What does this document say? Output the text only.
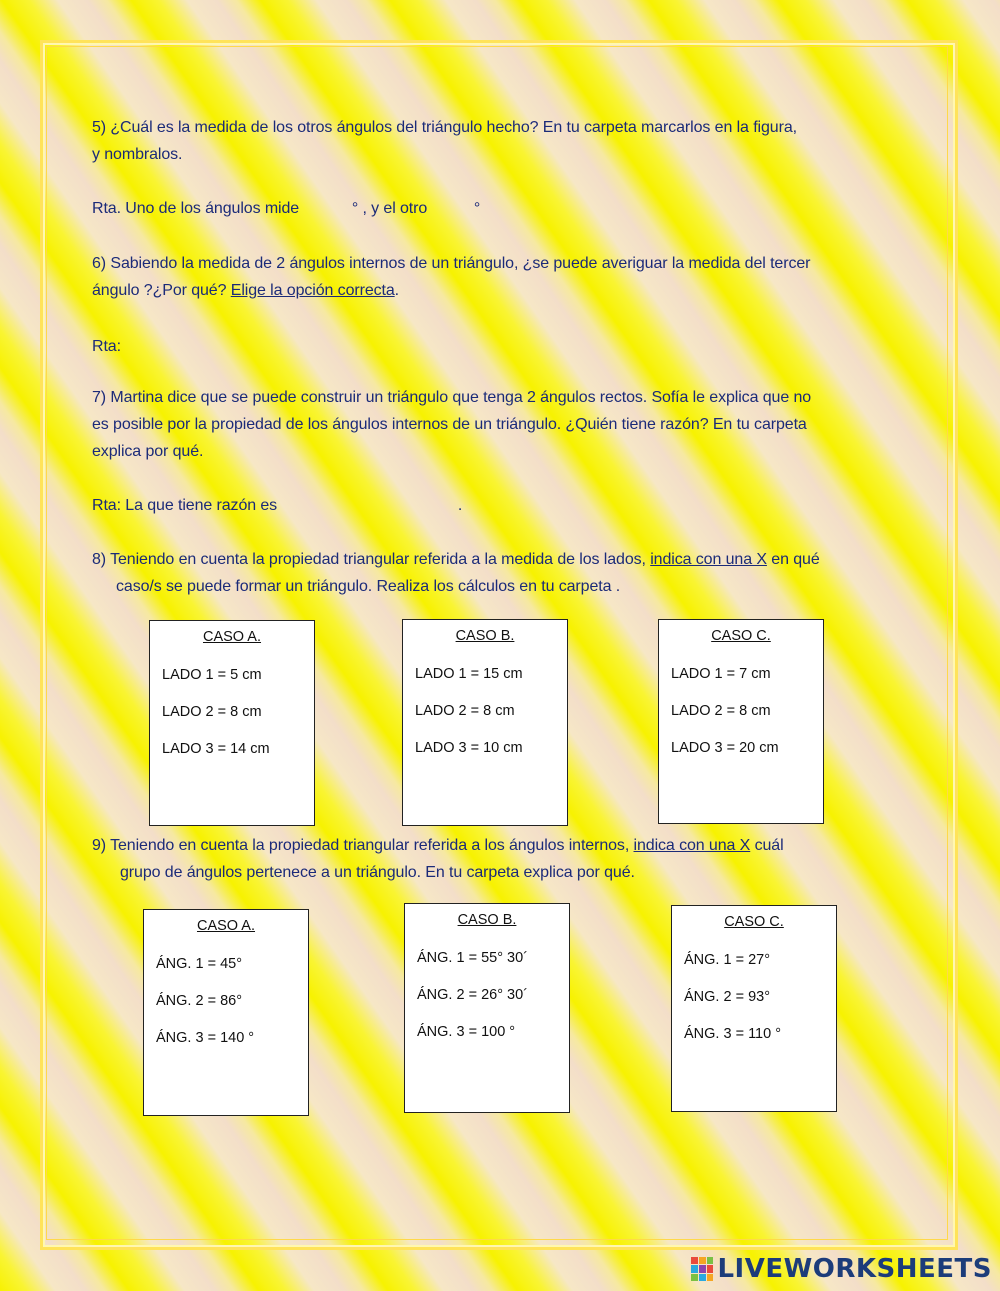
5) ¿Cuál es la medida de los otros ángulos del triángulo hecho? En tu carpeta marcarlos en la figura,
y nombralos.
Rta. Uno de los ángulos mide	° , y el otro	°
6) Sabiendo la medida de 2 ángulos internos de un triángulo, ¿se puede averiguar la medida del tercer
ángulo ?¿Por qué? Elige la opción correcta.
Rta:
7) Martina dice que se puede construir un triángulo que tenga 2 ángulos rectos. Sofía le explica que no
es posible por la propiedad de los ángulos internos de un triángulo. ¿Quién tiene razón? En tu carpeta
explica por qué.
Rta: La que tiene razón es	.
8) Teniendo en cuenta la propiedad triangular referida a la medida de los lados, indica con una X en qué
caso/s se puede formar un triángulo. Realiza los cálculos en tu carpeta .
CASO A.
LADO 1 = 5 cm
LADO 2 = 8 cm
LADO 3 = 14 cm
CASO B.
LADO 1 = 15 cm
LADO 2 = 8 cm
LADO 3 = 10 cm
CASO C.
LADO 1 = 7 cm
LADO 2 = 8 cm
LADO 3 = 20 cm
9) Teniendo en cuenta la propiedad triangular referida a los ángulos internos, indica con una X cuál
grupo de ángulos pertenece a un triángulo. En tu carpeta explica por qué.
CASO A.
ÁNG. 1 = 45°
ÁNG. 2 = 86°
ÁNG. 3 = 140 °
CASO B.
ÁNG. 1 = 55° 30´
ÁNG. 2 = 26° 30´
ÁNG. 3 = 100 °
CASO C.
ÁNG. 1 = 27°
ÁNG. 2 = 93°
ÁNG. 3 = 110 °
LIVEWORKSHEETS
